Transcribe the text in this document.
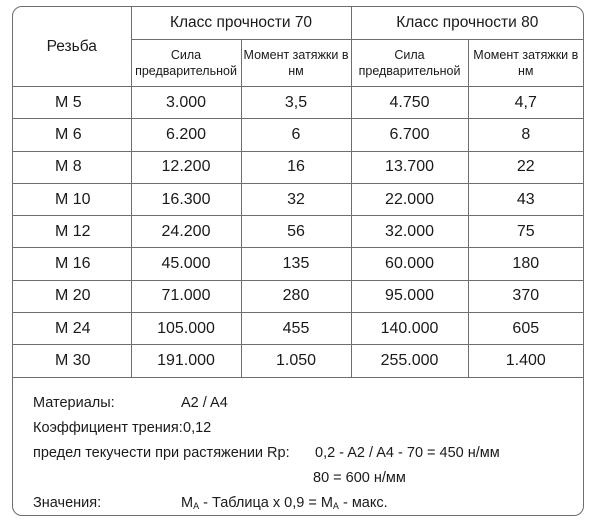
Резьба	Класс прочности 70		Класс прочности 80	
	Сила предварительной	Момент затяжки в нм	Сила предварительной	Момент затяжки в нм
M 5	3.000	3,5	4.750	4,7
M 6	6.200	6	6.700	8
M 8	12.200	16	13.700	22
M 10	16.300	32	22.000	43
M 12	24.200	56	32.000	75
M 16	45.000	135	60.000	180
M 20	71.000	280	95.000	370
M 24	105.000	455	140.000	605
M 30	191.000	1.050	255.000	1.400
Материалы:	A2 / A4
Коэффициент трения: 0,12
предел текучести при растяжении Rp: 0,2 - A2 / A4 - 70 = 450 н/мм
80 = 600 н/мм
Значения:	$M_A$ - Таблица x $0,9 = M_A$ - макс.
